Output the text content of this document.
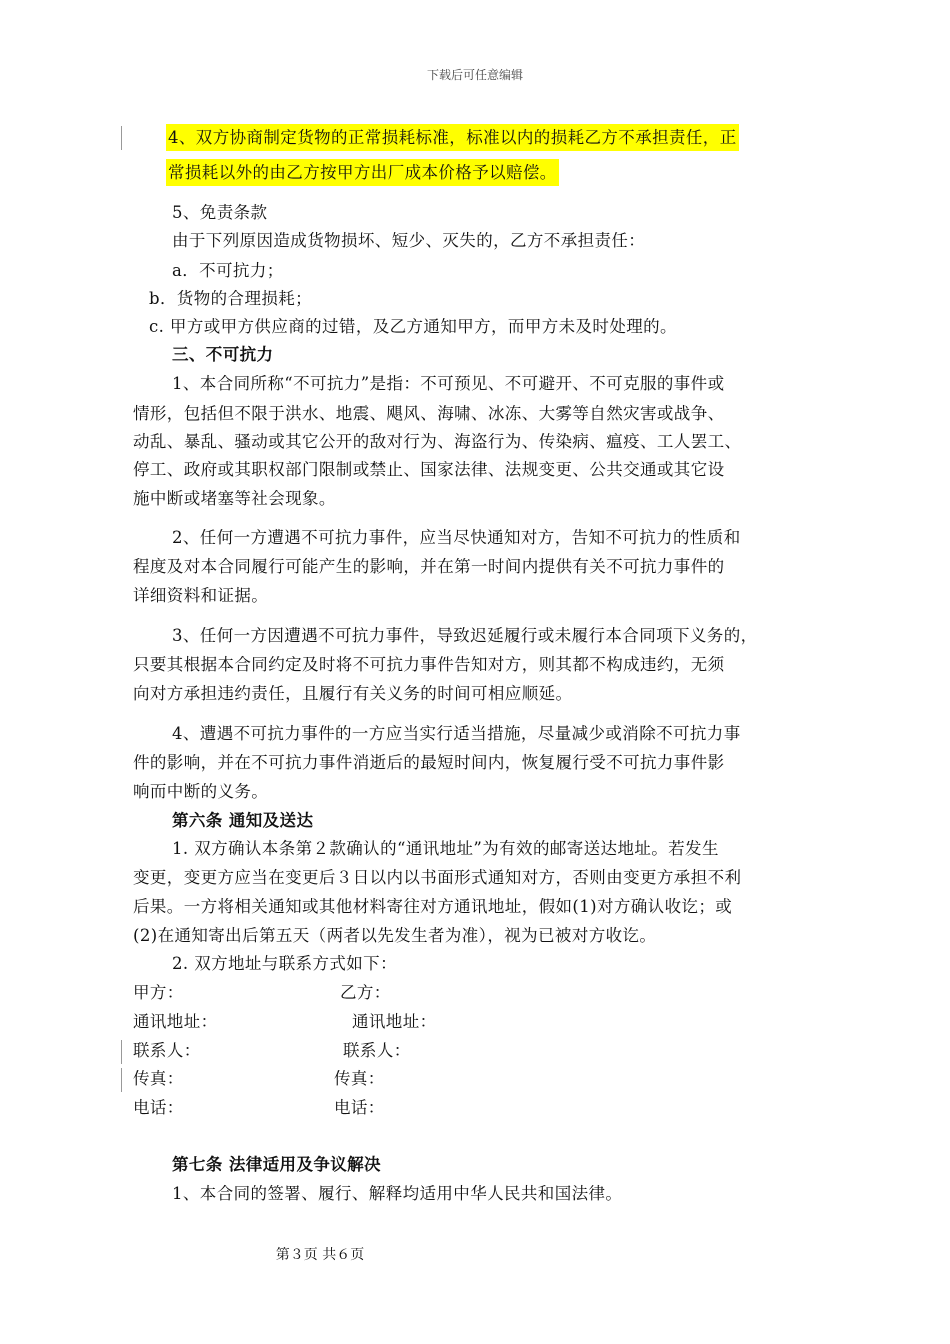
下载后可任意编辑
4、双方协商制定货物的正常损耗标准，标准以内的损耗乙方不承担责任，正
常损耗以外的由乙方按甲方出厂成本价格予以赔偿。
5、免责条款
由于下列原因造成货物损坏、短少、灭失的，乙方不承担责任：
a．不可抗力；
b．货物的合理损耗；
c. 甲方或甲方供应商的过错，及乙方通知甲方，而甲方未及时处理的。
三、不可抗力
1、本合同所称“不可抗力”是指：不可预见、不可避开、不可克服的事件或
情形，包括但不限于洪水、地震、飓风、海啸、冰冻、大雾等自然灾害或战争、
动乱、暴乱、骚动或其它公开的敌对行为、海盗行为、传染病、瘟疫、工人罢工、
停工、政府或其职权部门限制或禁止、国家法律、法规变更、公共交通或其它设
施中断或堵塞等社会现象。
2、任何一方遭遇不可抗力事件，应当尽快通知对方，告知不可抗力的性质和
程度及对本合同履行可能产生的影响，并在第一时间内提供有关不可抗力事件的
详细资料和证据。
3、任何一方因遭遇不可抗力事件，导致迟延履行或未履行本合同项下义务的，
只要其根据本合同约定及时将不可抗力事件告知对方，则其都不构成违约，无须
向对方承担违约责任，且履行有关义务的时间可相应顺延。
4、遭遇不可抗力事件的一方应当实行适当措施，尽量减少或消除不可抗力事
件的影响，并在不可抗力事件消逝后的最短时间内，恢复履行受不可抗力事件影
响而中断的义务。
第六条 通知及送达
1. 双方确认本条第２款确认的“通讯地址”为有效的邮寄送达地址。若发生
变更，变更方应当在变更后３日以内以书面形式通知对方，否则由变更方承担不利
后果。一方将相关通知或其他材料寄往对方通讯地址，假如(1)对方确认收讫；或
(2)在通知寄出后第五天（两者以先发生者为准），视为已被对方收讫。
2. 双方地址与联系方式如下：
甲方：	乙方：
通讯地址：	通讯地址：
联系人：	联系人：
传真：	传真：
电话：	电话：
第七条 法律适用及争议解决
1、本合同的签署、履行、解释均适用中华人民共和国法律。
第３页 共６页
